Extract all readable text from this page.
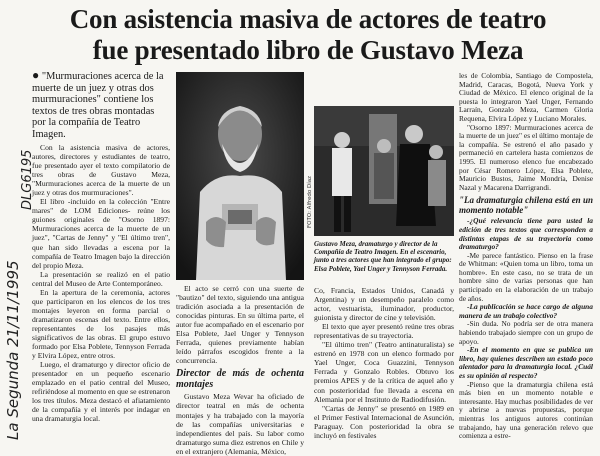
La Segunda 21/11/1995
DLG6195
Con asistencia masiva de actores de teatro
fue presentado libro de Gustavo Meza
● "Murmuraciones acerca de la muerte de un juez y otras dos murmuraciones" contiene los textos de tres obras montadas por la compañía de Teatro Imagen.

Con la asistencia masiva de actores, autores, directores y estudiantes de teatro, fue presentado ayer el texto compilatorio de tres obras de Gustavo Meza, "Murmuraciones acerca de la muerte de un juez y otras dos murmuraciones".

El libro -incluido en la colección "Entre mares" de LOM Ediciones- reúne los guiones originales de "Osorno 1897: Murmuraciones acerca de la muerte de un juez", "Cartas de Jenny" y "El último tren", que han sido llevadas a escena por la compañía de Teatro Imagen bajo la dirección del propio Meza.

La presentación se realizó en el patio central del Museo de Arte Contemporáneo.

En la apertura de la ceremonia, actores que participaron en los elencos de los tres montajes leyeron en forma parcial o dramatizaron escenas del texto. Entre ellos, representantes de los pasajes más significativos de las obras. El grupo estuvo formado por Elsa Poblete, Tennyson Ferrada y Elvira López, entre otros.

Luego, el dramaturgo y director oficio de presentador en un pequeño escenario emplazado en el patio central del Museo, refiriéndose al momento en que se estrenaron los tres títulos. Meza destacó el afiatamiento de la compañía y el interés por indagar en una dramaturgia local.

FOTO: Alfredo Díaz

El acto se cerró con una suerte de "bautizo" del texto, siguiendo una antigua tradición asociada a la presentación de conocidas pinturas. En su última parte, el autor fue acompañado en el escenario por Elsa Poblete, Jael Unger y Tennyson Ferrada, quienes previamente habían leído párrafos escogidos frente a la concurrencia.

Director de más de ochenta montajes

Gustavo Meza Wevar ha oficiado de director teatral en más de ochenta montajes y ha trabajado con la mayoría de las compañías universitarias e independientes del país. Su labor como dramaturgo suma diez estrenos en Chile y en el extranjero (Alemania, México,

Gustavo Meza, dramaturgo y director de la Compañía de Teatro Imagen. En el escenario, junto a tres actores que han integrado el grupo: Elsa Poblete, Yael Unger y Tennyson Ferrada.

Co, Francia, Estados Unidos, Canadá y Argentina) y un desempeño paralelo como actor, vestuarista, iluminador, productor, guionista y director de cine y televisión.

El texto que ayer presentó reúne tres obras representativas de su trayectoria.

"El último tren" (Teatro antinaturalista) se estrenó en 1978 con un elenco formado por Yael Unger, Coca Guazzini, Tennyson Ferrada y Gonzalo Robles. Obtuvo los premios APES y de la crítica de aquel año y con posterioridad fue llevada a escena en Alemania por el Instituto de Radiodifusión.

"Cartas de Jenny" se presentó en 1989 en el Primer Festival Internacional de Asunción, Paraguay. Con posterioridad la obra se incluyó en festivales

les de Colombia, Santiago de Compostela, Madrid, Caracas, Bogotá, Nueva York y Ciudad de México. El elenco original de la puesta lo integraron Yael Unger, Fernando Larraín, Gonzalo Meza, Carmen Gloria Requena, Elvira López y Luciano Morales.

"Osorno 1897: Murmuraciones acerca de la muerte de un juez" es el último montaje de la compañía. Se estrenó el año pasado y permaneció en cartelera hasta comienzos de 1995. El numeroso elenco fue encabezado por César Romero López, Elsa Poblete, Mauricio Bustos, Jaime Mondría, Denise Nazal y Macarena Darrigrandi.

"La dramaturgia chilena está en un momento notable"

-¿Qué relevancia tiene para usted la edición de tres textos que corresponden a distintas etapas de su trayectoria como dramaturgo?

-Me parece fantástico. Pienso en la frase de Whitman: «Quien toma un libro, toma un hombre». En este caso, no se trata de un hombre sino de varias personas que han participado en la elaboración de un trabajo de años.

-La publicación se hace cargo de alguna manera de un trabajo colectivo?

-Sin duda. No podría ser de otra manera habiendo trabajado siempre con un grupo de apoyo.

-En el momento en que se publica un libro, hay quienes describen un estado poco alentador para la dramaturgia local. ¿Cuál es su opinión al respecto?

-Pienso que la dramaturgia chilena está más bien en un momento notable e interesante. Hay muchas posibilidades de ver y abrirse a nuevas propuestas, porque mientras los antiguos autores continúan trabajando, hay una generación relevo que comienza a estre-
